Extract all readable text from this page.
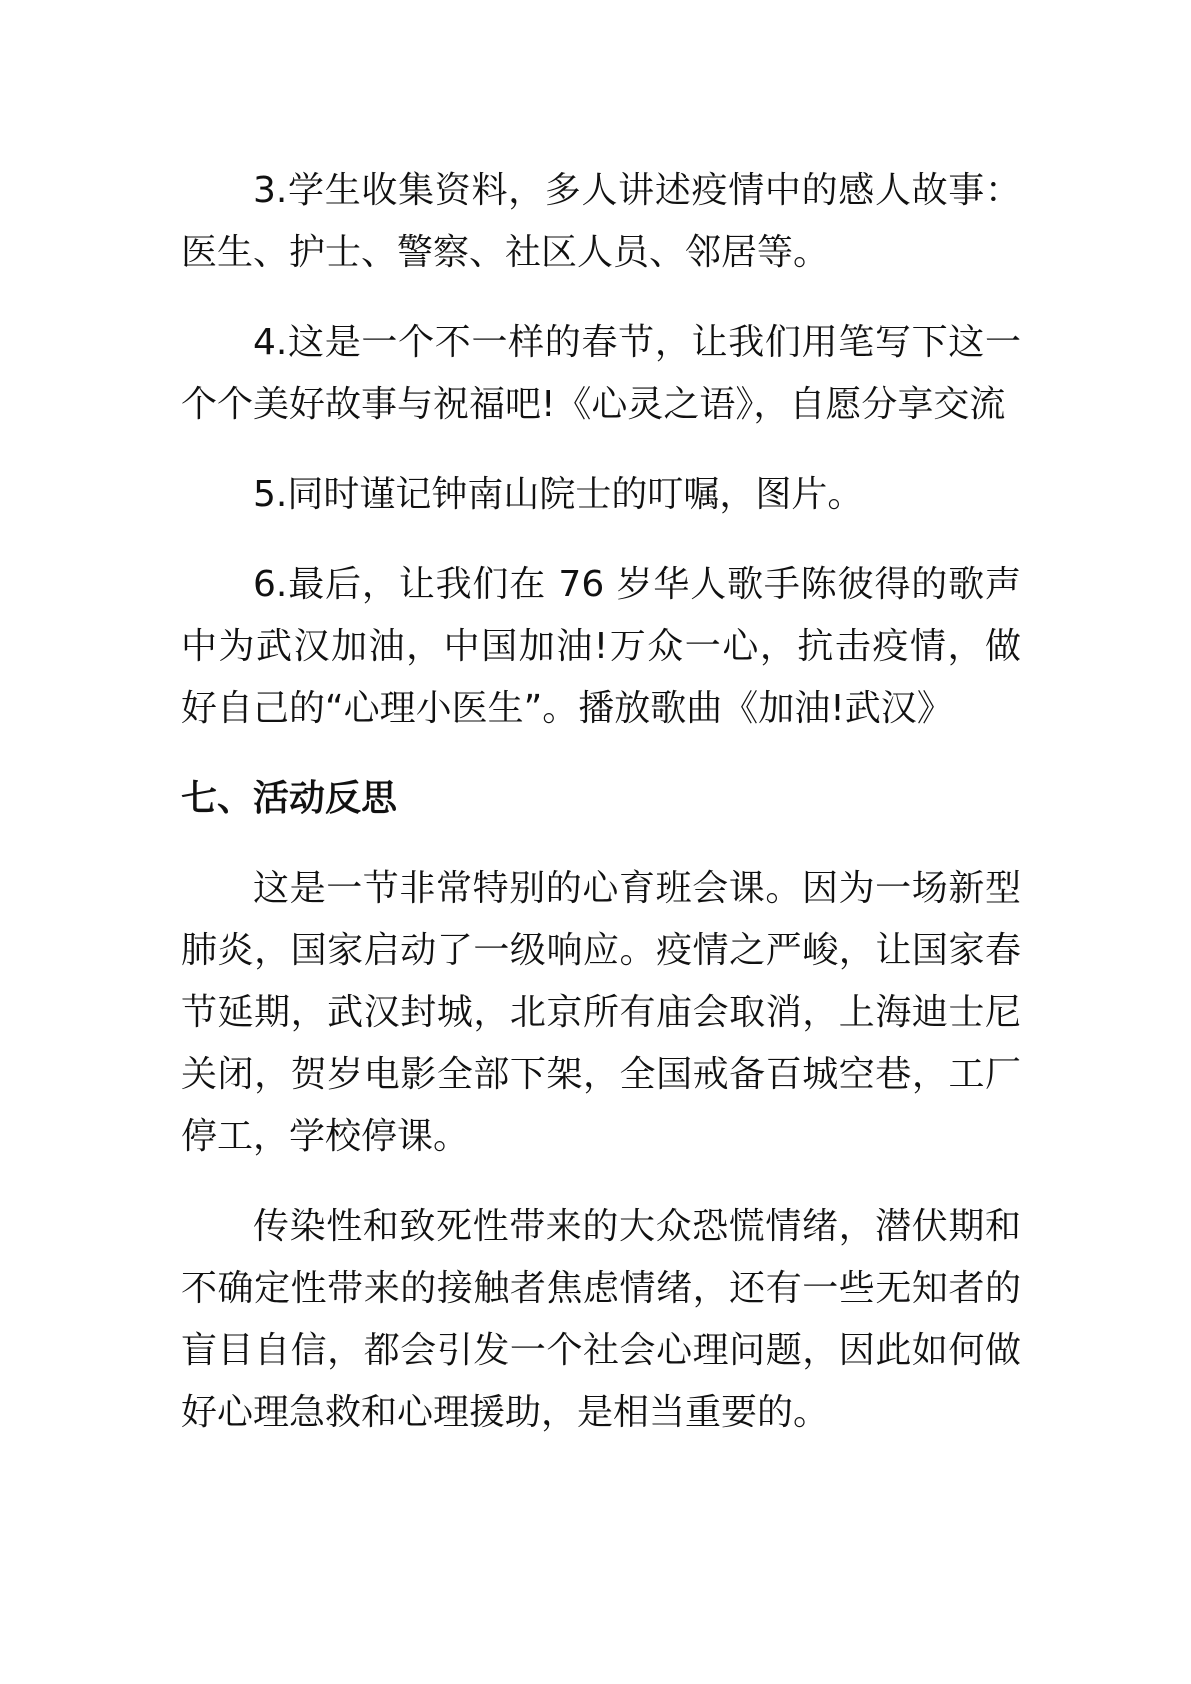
3.学生收集资料，多人讲述疫情中的感人故事：医生、护士、警察、社区人员、邻居等。

4.这是一个不一样的春节，让我们用笔写下这一个个美好故事与祝福吧!《心灵之语》，自愿分享交流

5.同时谨记钟南山院士的叮嘱，图片。

6.最后，让我们在 76 岁华人歌手陈彼得的歌声中为武汉加油，中国加油!万众一心，抗击疫情，做好自己的“心理小医生”。播放歌曲《加油!武汉》

七、活动反思

这是一节非常特别的心育班会课。因为一场新型肺炎，国家启动了一级响应。疫情之严峻，让国家春节延期，武汉封城，北京所有庙会取消，上海迪士尼关闭，贺岁电影全部下架，全国戒备百城空巷，工厂停工，学校停课。

传染性和致死性带来的大众恐慌情绪，潜伏期和不确定性带来的接触者焦虑情绪，还有一些无知者的盲目自信，都会引发一个社会心理问题，因此如何做好心理急救和心理援助，是相当重要的。
